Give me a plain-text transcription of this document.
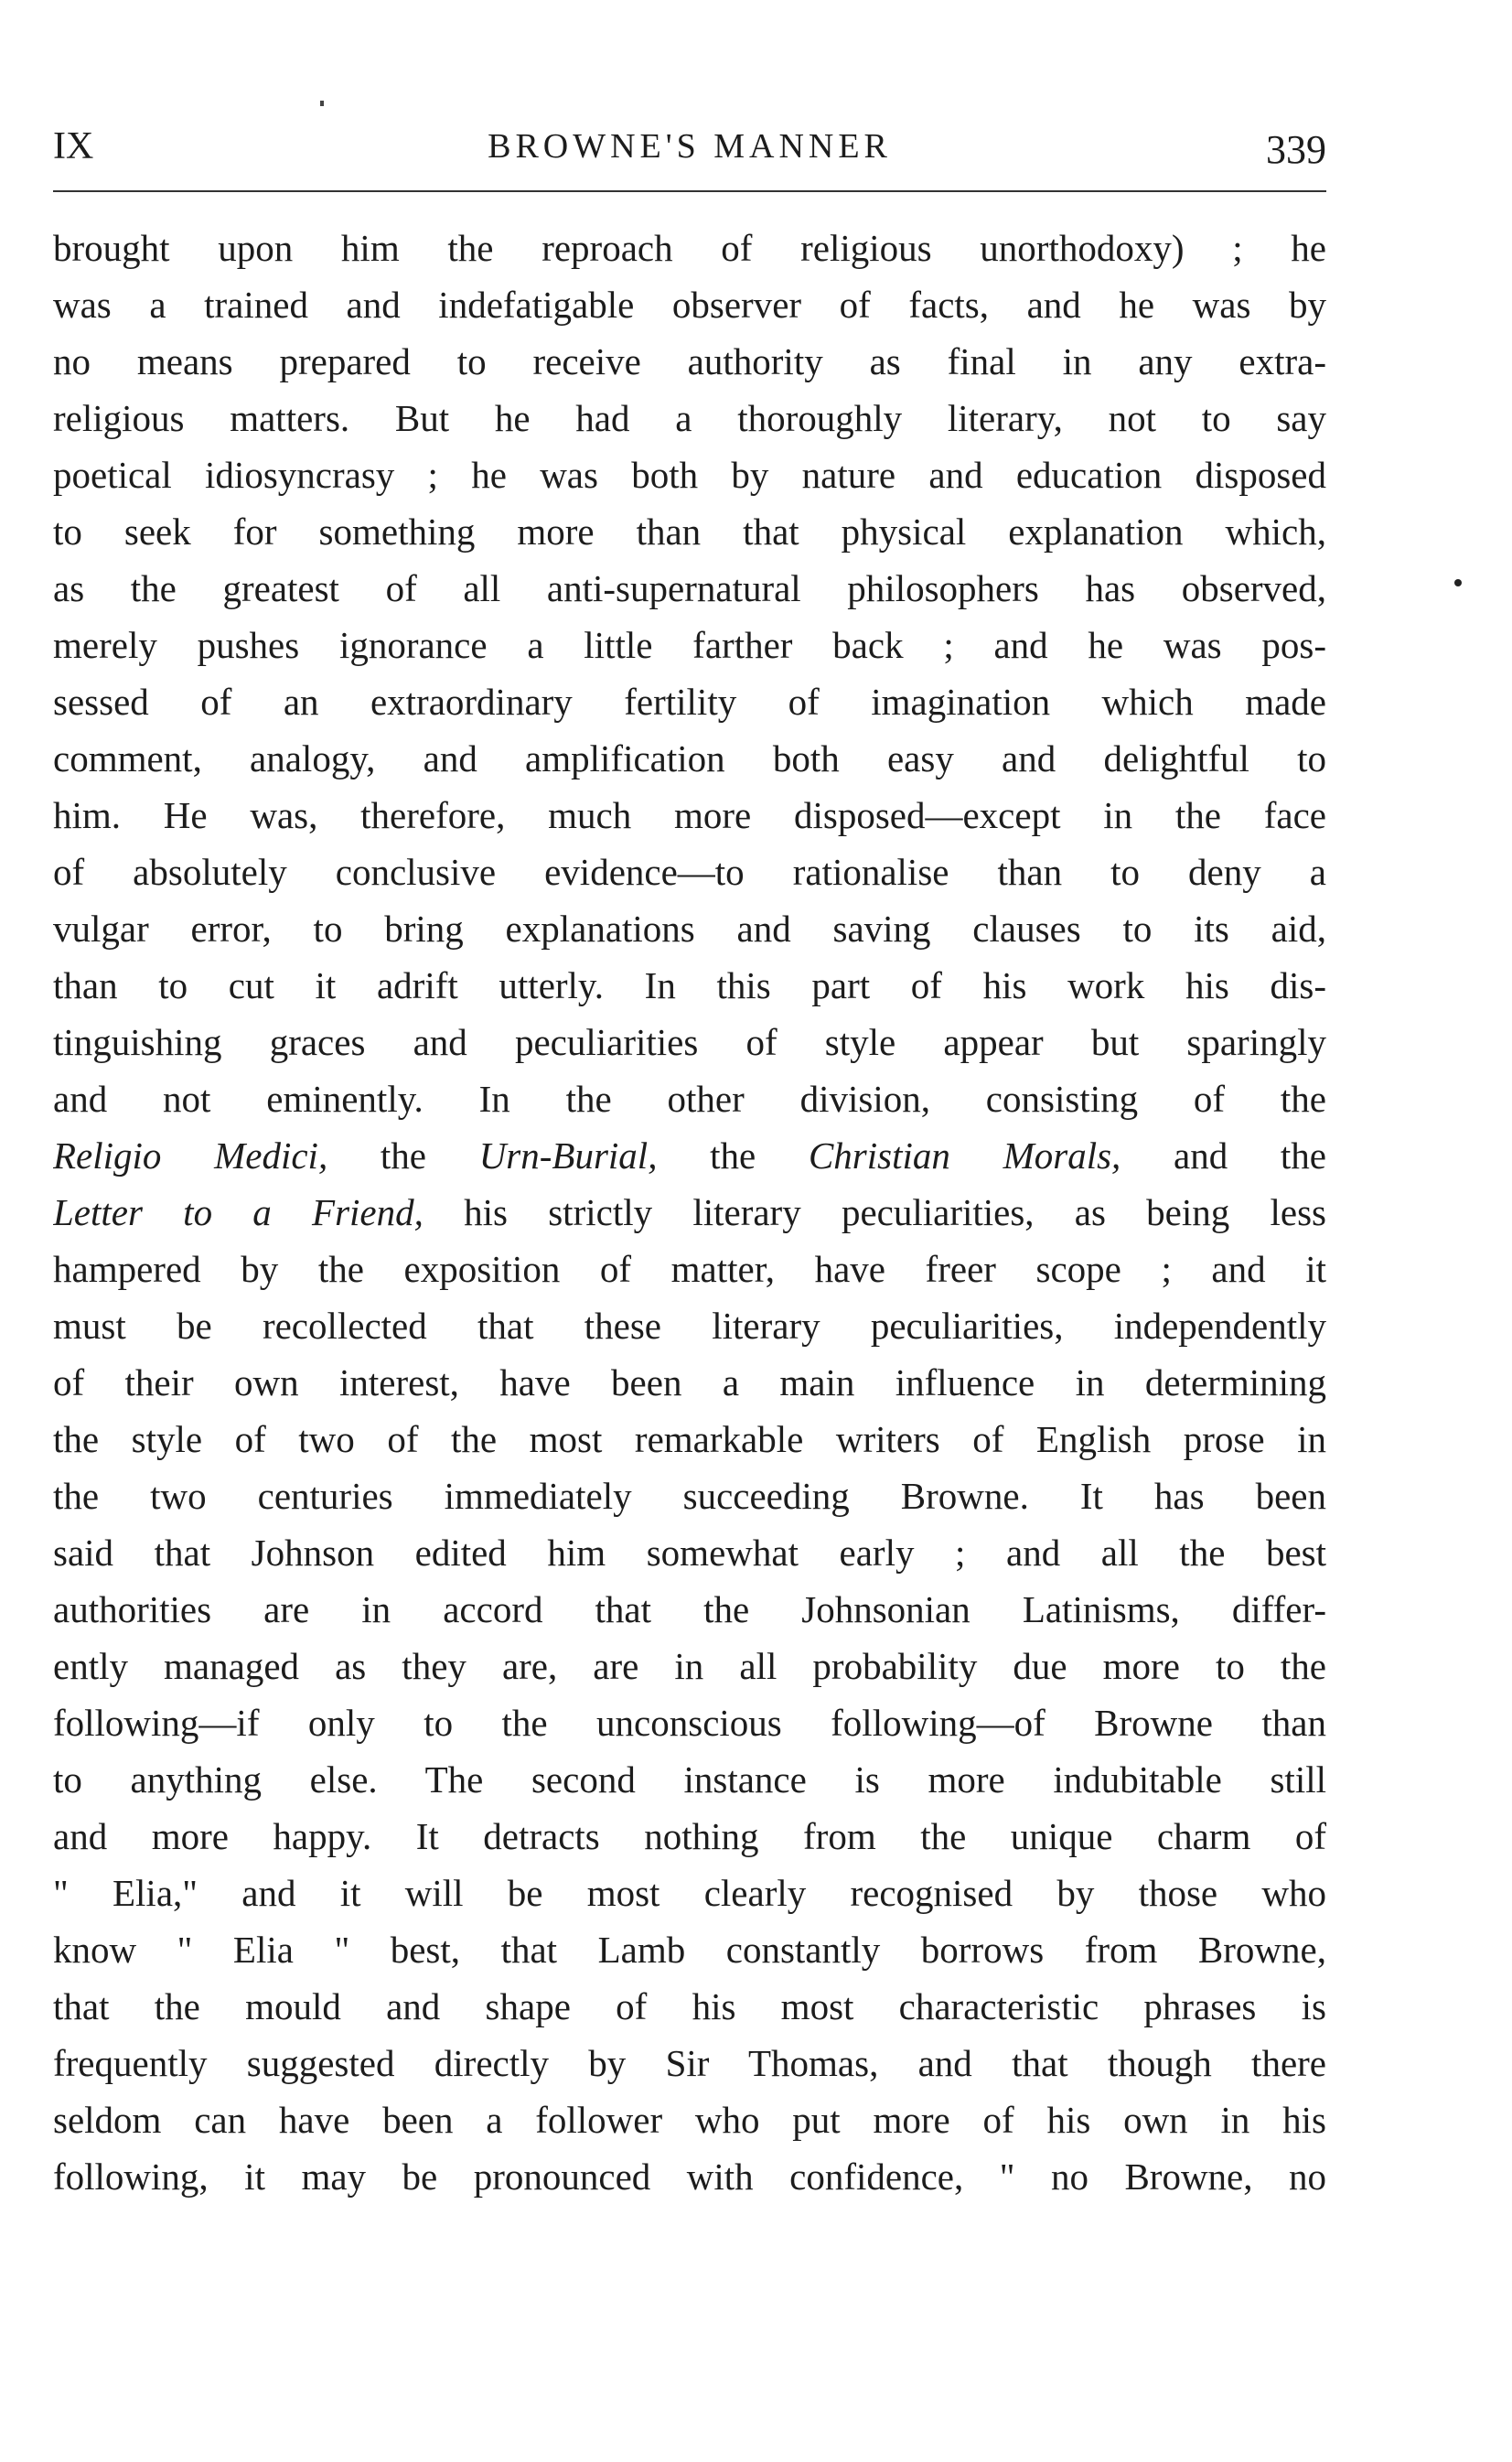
IX	BROWNE'S MANNER	339
brought upon him the reproach of religious unorthodoxy) ; he
was a trained and indefatigable observer of facts, and he was by
no means prepared to receive authority as final in any extra-
religious matters. But he had a thoroughly literary, not to say
poetical idiosyncrasy ; he was both by nature and education disposed
to seek for something more than that physical explanation which,
as the greatest of all anti-supernatural philosophers has observed,
merely pushes ignorance a little farther back ; and he was pos-
sessed of an extraordinary fertility of imagination which made
comment, analogy, and amplification both easy and delightful to
him. He was, therefore, much more disposed—except in the face
of absolutely conclusive evidence—to rationalise than to deny a
vulgar error, to bring explanations and saving clauses to its aid,
than to cut it adrift utterly. In this part of his work his dis-
tinguishing graces and peculiarities of style appear but sparingly
and not eminently. In the other division, consisting of the
Religio Medici, the Urn-Burial, the Christian Morals, and the
Letter to a Friend, his strictly literary peculiarities, as being less
hampered by the exposition of matter, have freer scope ; and it
must be recollected that these literary peculiarities, independently
of their own interest, have been a main influence in determining
the style of two of the most remarkable writers of English prose in
the two centuries immediately succeeding Browne. It has been
said that Johnson edited him somewhat early ; and all the best
authorities are in accord that the Johnsonian Latinisms, differ-
ently managed as they are, are in all probability due more to the
following—if only to the unconscious following—of Browne than
to anything else. The second instance is more indubitable still
and more happy. It detracts nothing from the unique charm of
" Elia," and it will be most clearly recognised by those who
know " Elia " best, that Lamb constantly borrows from Browne,
that the mould and shape of his most characteristic phrases is
frequently suggested directly by Sir Thomas, and that though there
seldom can have been a follower who put more of his own in his
following, it may be pronounced with confidence, " no Browne, no
